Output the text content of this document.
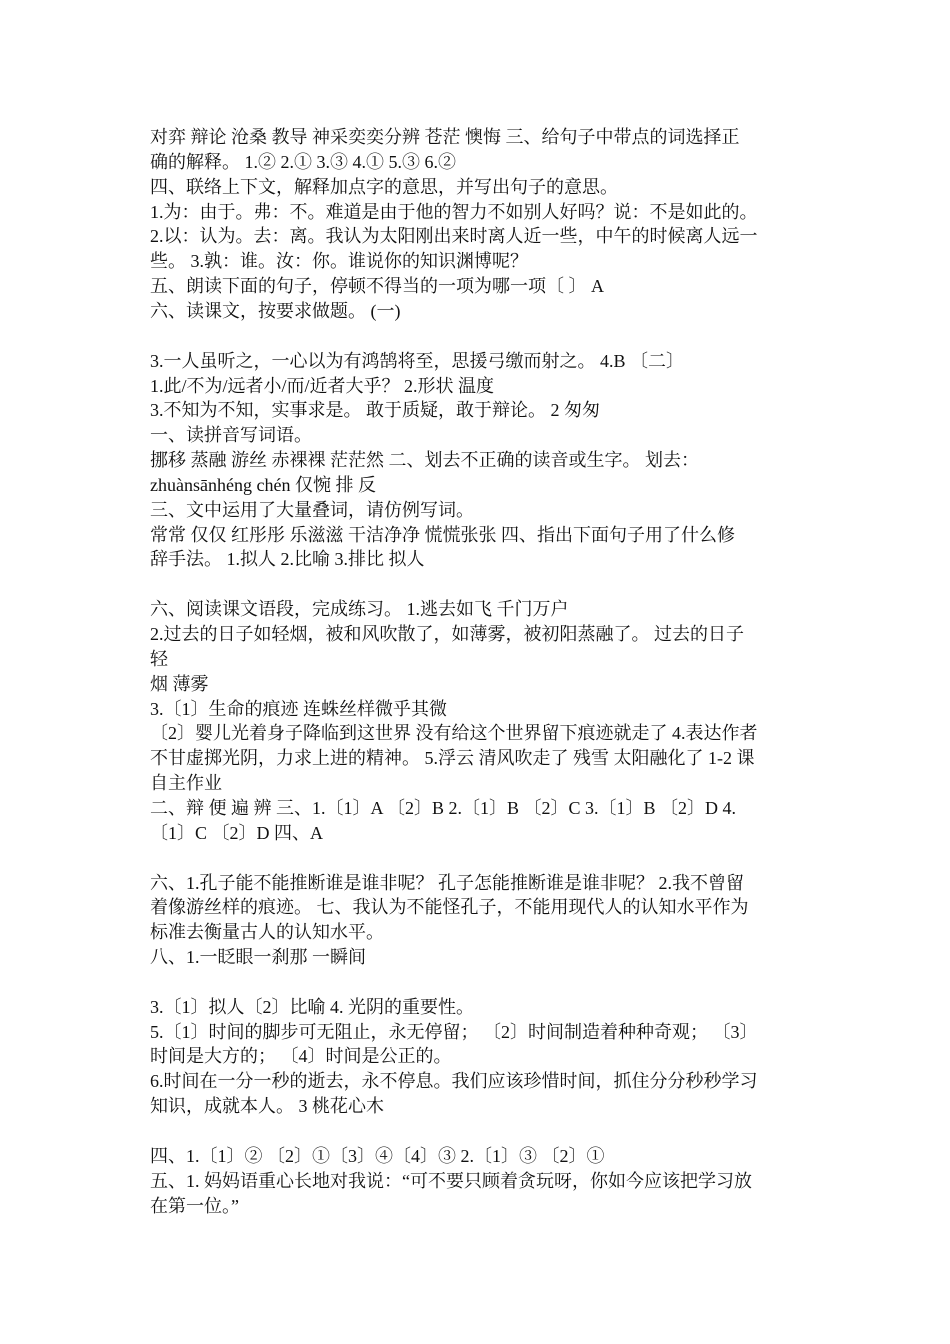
对弈 辩论 沧桑 教导 神采奕奕分辨 苍茫 懊悔 三、给句子中带点的词选择正
确的解释。 1.② 2.① 3.③ 4.① 5.③ 6.②
四、联络上下文，解释加点字的意思，并写出句子的意思。
1.为：由于。弗：不。难道是由于他的智力不如别人好吗？说：不是如此的。
2.以：认为。去：离。我认为太阳刚出来时离人近一些，中午的时候离人远一
些。 3.孰：谁。汝：你。谁说你的知识渊博呢？
五、朗读下面的句子，停顿不得当的一项为哪一项〔 〕 A
六、读课文，按要求做题。 (一)
3.一人虽听之，一心以为有鸿鹄将至，思援弓缴而射之。 4.B 〔二〕
1.此/不为/远者小/而/近者大乎？ 2.形状 温度
3.不知为不知，实事求是。 敢于质疑，敢于辩论。 2 匆匆
一、读拼音写词语。
挪移 蒸融 游丝 赤裸裸 茫茫然 二、划去不正确的读音或生字。 划去：
zhuànsānhéng chén 仅惋 排 反
三、文中运用了大量叠词，请仿例写词。
常常 仅仅 红彤彤 乐滋滋 干洁净净 慌慌张张 四、指出下面句子用了什么修
辞手法。 1.拟人 2.比喻 3.排比 拟人
六、阅读课文语段，完成练习。 1.逃去如飞 千门万户
2.过去的日子如轻烟，被和风吹散了，如薄雾，被初阳蒸融了。 过去的日子
轻
烟 薄雾
3.〔1〕生命的痕迹 连蛛丝样微乎其微
〔2〕婴儿光着身子降临到这世界 没有给这个世界留下痕迹就走了 4.表达作者
不甘虚掷光阴，力求上进的精神。 5.浮云 清风吹走了 残雪 太阳融化了 1-2 课
自主作业
二、辩 便 遍 辨 三、1.〔1〕A 〔2〕B 2.〔1〕B 〔2〕C 3.〔1〕B 〔2〕D 4.
〔1〕C 〔2〕D 四、A
六、1.孔子能不能推断谁是谁非呢？ 孔子怎能推断谁是谁非呢？ 2.我不曾留
着像游丝样的痕迹。 七、我认为不能怪孔子，不能用现代人的认知水平作为
标准去衡量古人的认知水平。
八、1.一眨眼一刹那 一瞬间
3.〔1〕拟人〔2〕比喻 4. 光阴的重要性。
5.〔1〕时间的脚步可无阻止，永无停留； 〔2〕时间制造着种种奇观； 〔3〕
时间是大方的； 〔4〕时间是公正的。
6.时间在一分一秒的逝去，永不停息。我们应该珍惜时间，抓住分分秒秒学习
知识，成就本人。 3 桃花心木
四、1.〔1〕② 〔2〕①〔3〕④〔4〕③ 2.〔1〕③ 〔2〕①
五、1. 妈妈语重心长地对我说：“可不要只顾着贪玩呀，你如今应该把学习放
在第一位。”
